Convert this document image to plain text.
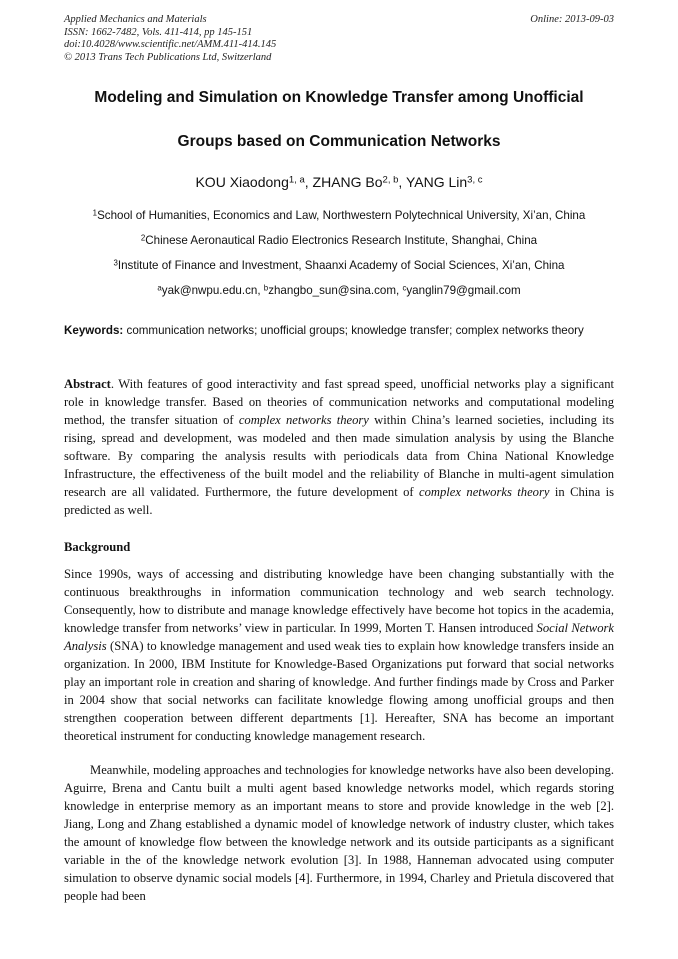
Applied Mechanics and Materials
ISSN: 1662-7482, Vols. 411-414, pp 145-151
doi:10.4028/www.scientific.net/AMM.411-414.145
© 2013 Trans Tech Publications Ltd, Switzerland
Online: 2013-09-03
Modeling and Simulation on Knowledge Transfer among Unofficial
Groups based on Communication Networks
KOU Xiaodong$^{1, a}$, ZHANG Bo$^{2, b}$, YANG Lin$^{3, c}$
$^1$School of Humanities, Economics and Law, Northwestern Polytechnical University, Xi’an, China
$^2$Chinese Aeronautical Radio Electronics Research Institute, Shanghai, China
$^3$Institute of Finance and Investment, Shaanxi Academy of Social Sciences, Xi’an, China
$^a$yak@nwpu.edu.cn, $^b$zhangbo_sun@sina.com, $^c$yanglin79@gmail.com
Keywords: communication networks; unofficial groups; knowledge transfer; complex networks theory

Abstract. With features of good interactivity and fast spread speed, unofficial networks play a significant role in knowledge transfer. Based on theories of communication networks and computational modeling method, the transfer situation of complex networks theory within China’s learned societies, including its rising, spread and development, was modeled and then made simulation analysis by using the Blanche software. By comparing the analysis results with periodicals data from China National Knowledge Infrastructure, the effectiveness of the built model and the reliability of Blanche in multi-agent simulation research are all validated. Furthermore, the future development of complex networks theory in China is predicted as well.

Background

Since 1990s, ways of accessing and distributing knowledge have been changing substantially with the continuous breakthroughs in information communication technology and web search technology. Consequently, how to distribute and manage knowledge effectively have become hot topics in the academia, knowledge transfer from networks’ view in particular. In 1999, Morten T. Hansen introduced Social Network Analysis (SNA) to knowledge management and used weak ties to explain how knowledge transfers inside an organization. In 2000, IBM Institute for Knowledge-Based Organizations put forward that social networks play an important role in creation and sharing of knowledge. And further findings made by Cross and Parker in 2004 show that social networks can facilitate knowledge flowing among unofficial groups and then strengthen cooperation between different departments [1]. Hereafter, SNA has become an important theoretical instrument for conducting knowledge management research.

Meanwhile, modeling approaches and technologies for knowledge networks have also been developing. Aguirre, Brena and Cantu built a multi agent based knowledge networks model, which regards storing knowledge in enterprise memory as an important means to store and provide knowledge in the web [2]. Jiang, Long and Zhang established a dynamic model of knowledge network of industry cluster, which takes the amount of knowledge flow between the knowledge network and its outside participants as a significant variable in the of the knowledge network evolution [3]. In 1988, Hanneman advocated using computer simulation to observe dynamic social models [4]. Furthermore, in 1994, Charley and Prietula discovered that people had been
